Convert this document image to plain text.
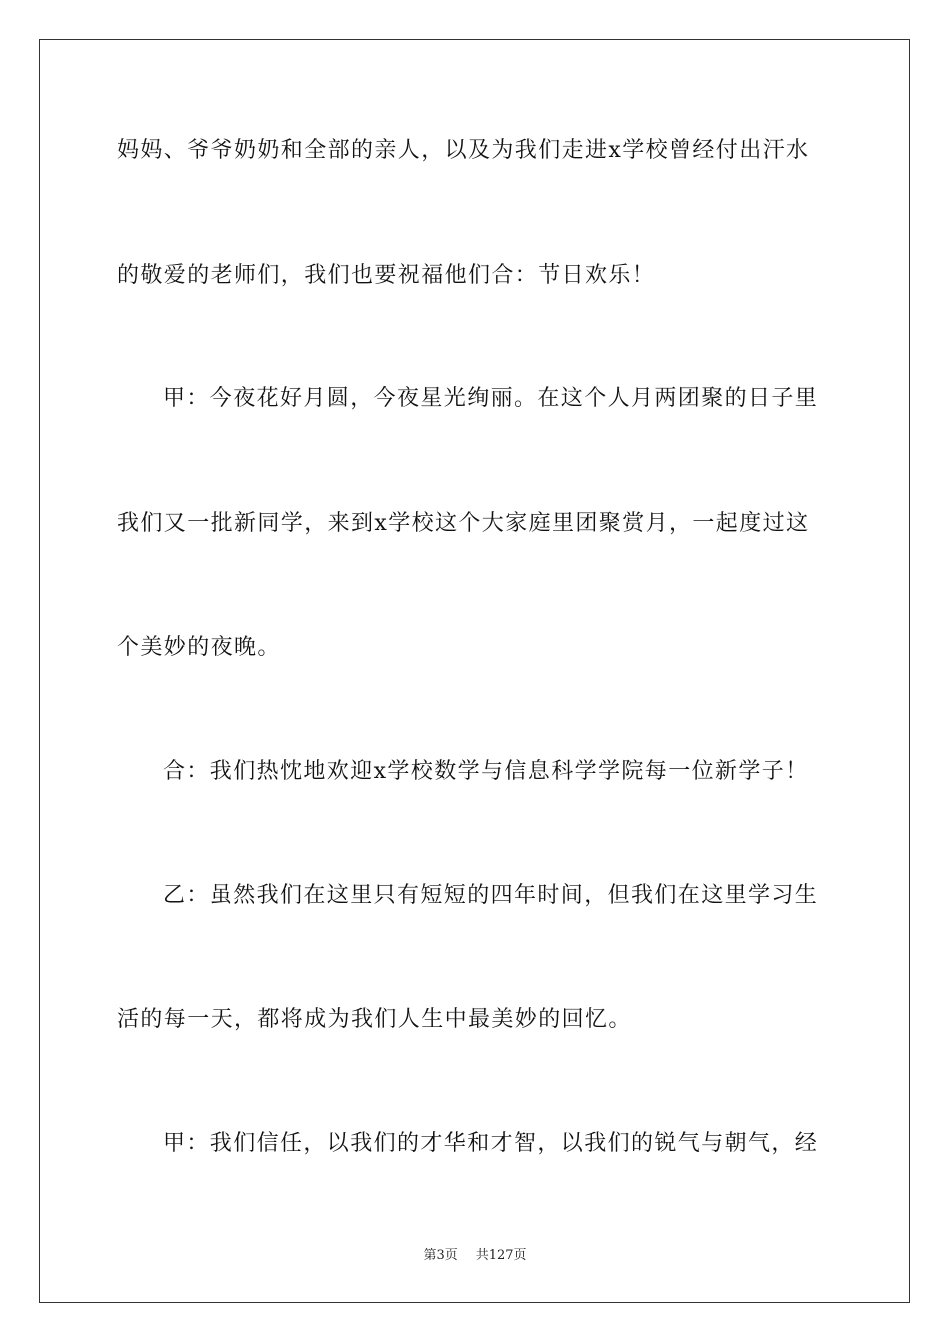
妈妈、爷爷奶奶和全部的亲人，以及为我们走进x学校曾经付出汗水
的敬爱的老师们，我们也要祝福他们合：节日欢乐！
甲：今夜花好月圆，今夜星光绚丽。在这个人月两团聚的日子里
我们又一批新同学，来到x学校这个大家庭里团聚赏月，一起度过这
个美妙的夜晚。
合：我们热忱地欢迎x学校数学与信息科学学院每一位新学子！
乙：虽然我们在这里只有短短的四年时间，但我们在这里学习生
活的每一天，都将成为我们人生中最美妙的回忆。
甲：我们信任，以我们的才华和才智，以我们的锐气与朝气，经
第3页 共127页
